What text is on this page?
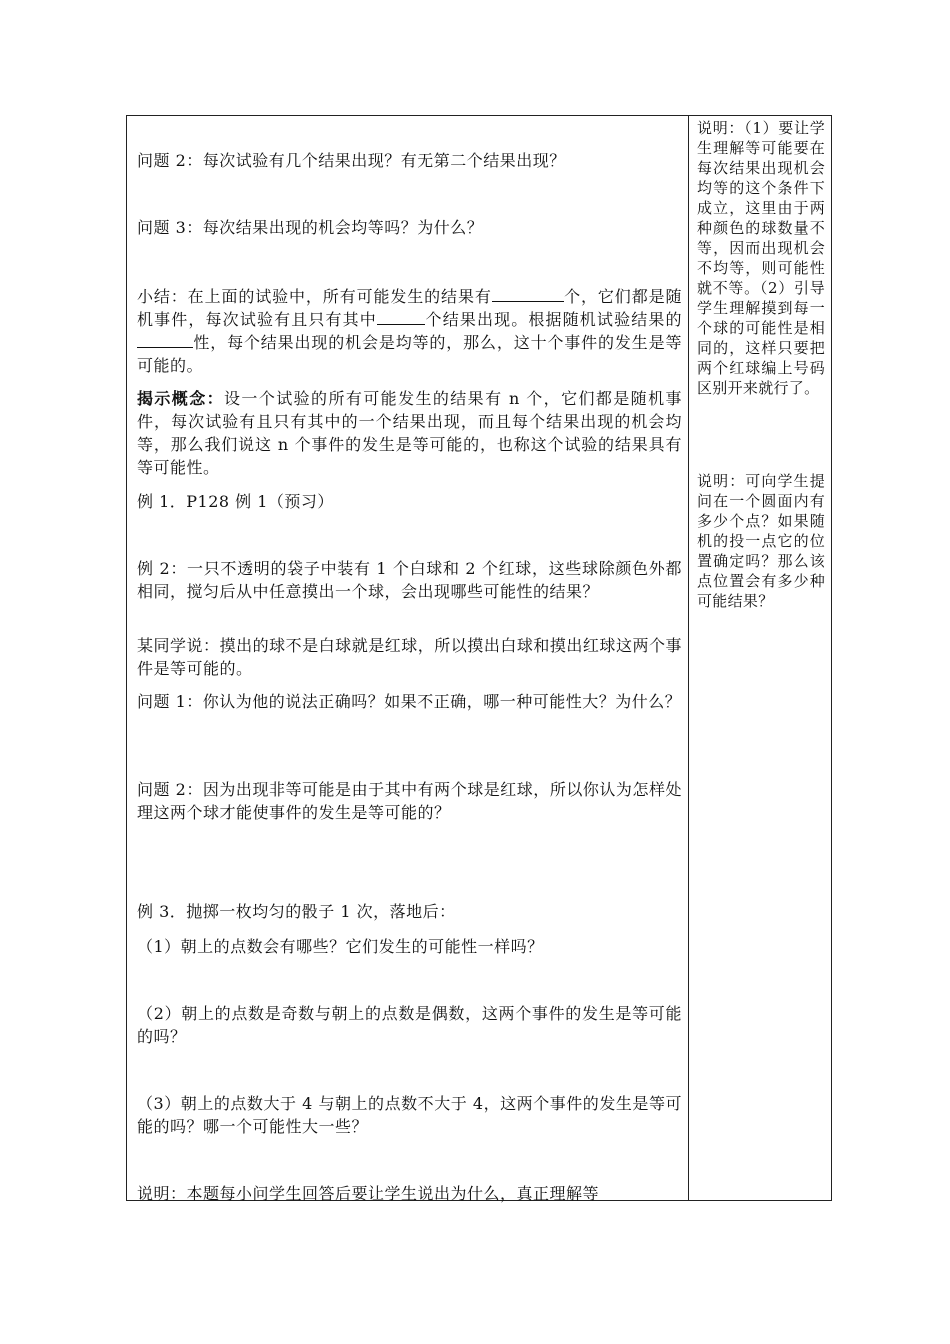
问题 2：每次试验有几个结果出现？有无第二个结果出现？

问题 3：每次结果出现的机会均等吗？为什么？

小结：在上面的试验中，所有可能发生的结果有	个，它们都是随机事件，每次试验有且只有其中	个结果出现。根据随机试验结果的性，每个结果出现的机会是均等的，那么，这十个事件的发生是等可能的。

揭示概念：设一个试验的所有可能发生的结果有 n 个，它们都是随机事件，每次试验有且只有其中的一个结果出现，而且每个结果出现的机会均等，那么我们说这 n 个事件的发生是等可能的，也称这个试验的结果具有等可能性。

例 1．P128 例 1（预习）

例 2：一只不透明的袋子中装有 1 个白球和 2 个红球，这些球除颜色外都相同，搅匀后从中任意摸出一个球，会出现哪些可能性的结果？

某同学说：摸出的球不是白球就是红球，所以摸出白球和摸出红球这两个事件是等可能的。

问题 1：你认为他的说法正确吗？如果不正确，哪一种可能性大？为什么？

问题 2：因为出现非等可能是由于其中有两个球是红球，所以你认为怎样处理这两个球才能使事件的发生是等可能的？

例 3．抛掷一枚均匀的骰子 1 次，落地后：

（1）朝上的点数会有哪些？它们发生的可能性一样吗？

（2）朝上的点数是奇数与朝上的点数是偶数，这两个事件的发生是等可能的吗？

（3）朝上的点数大于 4 与朝上的点数不大于 4，这两个事件的发生是等可能的吗？哪一个可能性大一些？

说明：本题每小问学生回答后要让学生说出为什么，真正理解等

说明：（1）要让学生理解等可能要在每次结果出现机会均等的这个条件下成立，这里由于两种颜色的球数量不等，因而出现机会不均等，则可能性就不等。（2）引导学生理解摸到每一个球的可能性是相同的，这样只要把两个红球编上号码区别开来就行了。

说明：可向学生提问在一个圆面内有多少个点？如果随机的投一点它的位置确定吗？那么该点位置会有多少种可能结果？
